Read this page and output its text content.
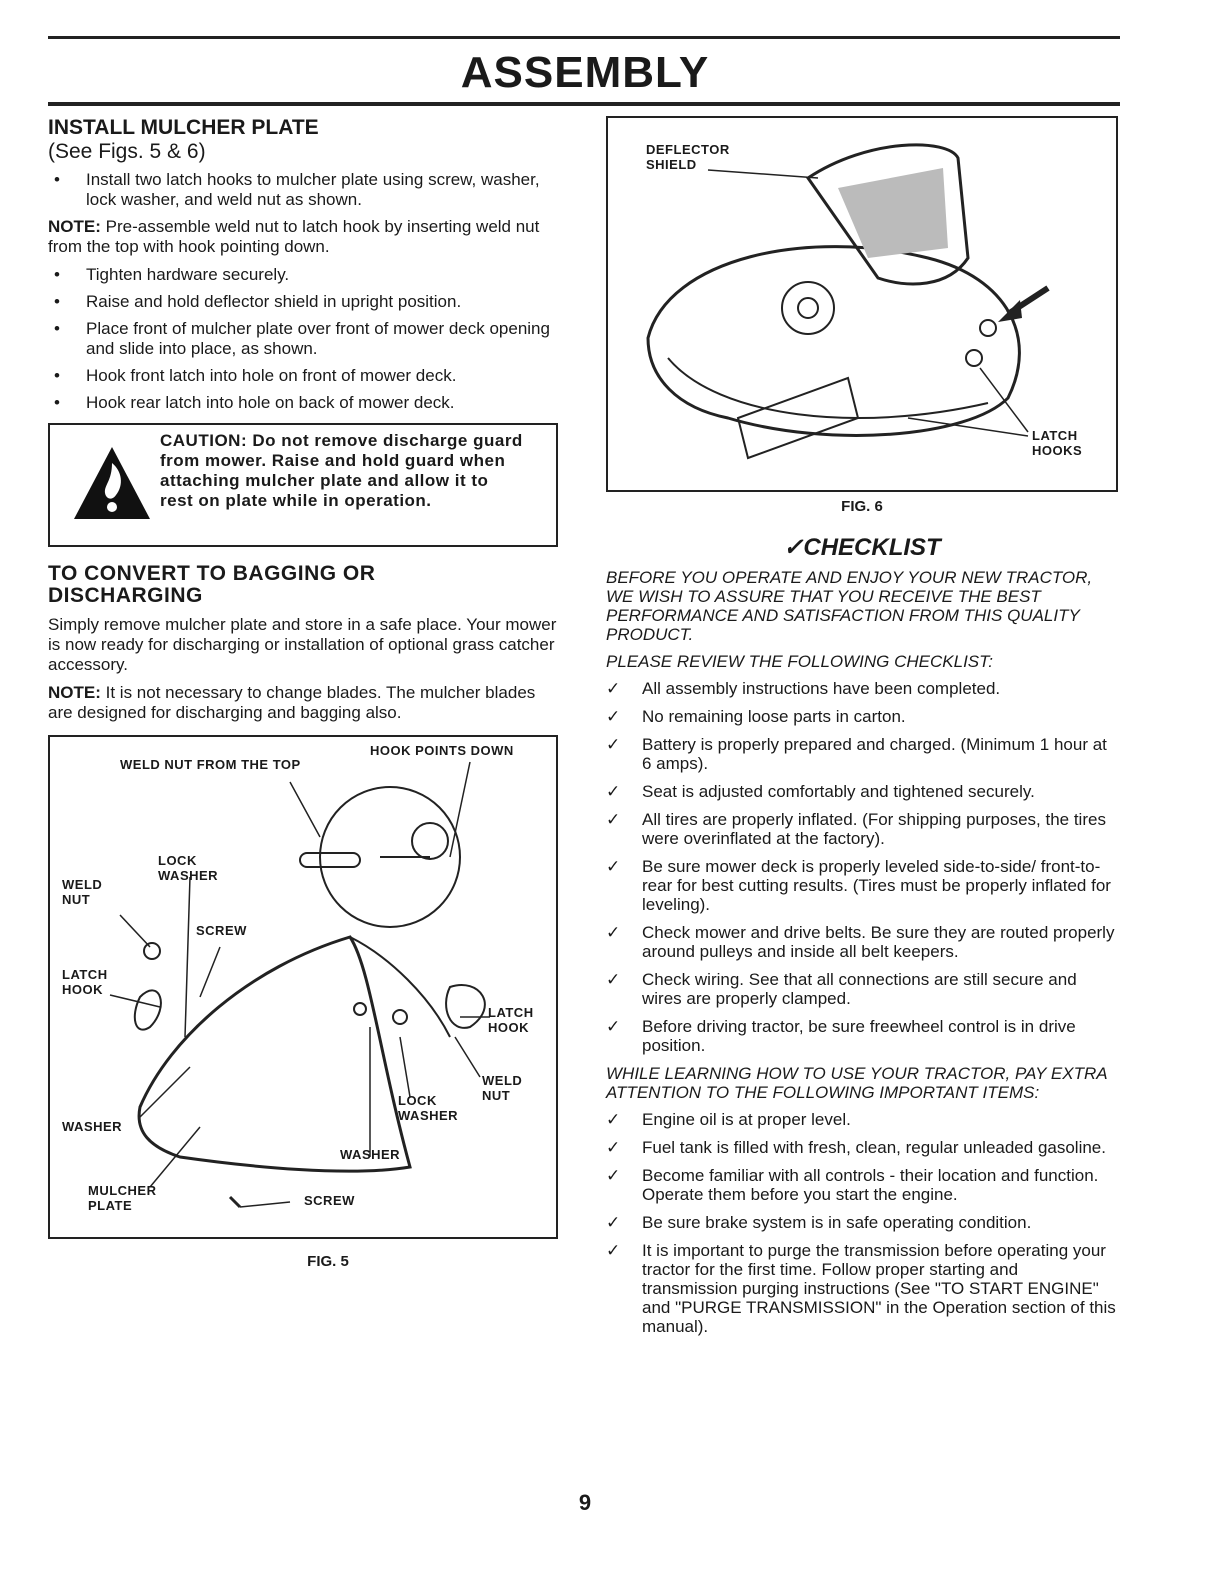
ASSEMBLY
INSTALL MULCHER PLATE
(See Figs. 5 & 6)
• Install two latch hooks to mulcher plate using screw, washer, lock washer, and weld nut as shown.

NOTE: Pre-assemble weld nut to latch hook by inserting weld nut from the top with hook pointing down.

• Tighten hardware securely.
• Raise and hold deflector shield in upright position.
• Place front of mulcher plate over front of mower deck opening and slide into place, as shown.
• Hook front latch into hole on front of mower deck.
• Hook rear latch into hole on back of mower deck.
CAUTION: Do not remove discharge guard from mower. Raise and hold guard when attaching mulcher plate and allow it to rest on plate while in operation.
TO CONVERT TO BAGGING OR DISCHARGING

Simply remove mulcher plate and store in a safe place. Your mower is now ready for discharging or installation of optional grass catcher accessory.

NOTE: It is not necessary to change blades. The mulcher blades are designed for discharging and bagging also.

HOOK POINTS DOWN
WELD NUT FROM THE TOP
LOCK
WASHER
WELD
NUT
SCREW
LATCH
HOOK
LATCH
HOOK
WELD
NUT
LOCK
WASHER
WASHER
WASHER
MULCHER
PLATE	SCREW
FIG. 5
DEFLECTOR
SHIELD
LATCH
HOOKS
FIG. 6
✓CHECKLIST

BEFORE YOU OPERATE AND ENJOY YOUR NEW TRACTOR, WE WISH TO ASSURE THAT YOU RECEIVE THE BEST PERFORMANCE AND SATISFACTION FROM THIS QUALITY PRODUCT.

PLEASE REVIEW THE FOLLOWING CHECKLIST:

✓ All assembly instructions have been completed.
✓ No remaining loose parts in carton.
✓ Battery is properly prepared and charged. (Minimum 1 hour at 6 amps).
✓ Seat is adjusted comfortably and tightened securely.
✓ All tires are properly inflated. (For shipping purposes, the tires were overinflated at the factory).
✓ Be sure mower deck is properly leveled side-to-side/ front-to-rear for best cutting results. (Tires must be properly inflated for leveling).
✓ Check mower and drive belts. Be sure they are routed properly around pulleys and inside all belt keepers.
✓ Check wiring. See that all connections are still secure and wires are properly clamped.
✓ Before driving tractor, be sure freewheel control is in drive position.

WHILE LEARNING HOW TO USE YOUR TRACTOR, PAY EXTRA ATTENTION TO THE FOLLOWING IMPORTANT ITEMS:

✓ Engine oil is at proper level.
✓ Fuel tank is filled with fresh, clean, regular unleaded gasoline.
✓ Become familiar with all controls - their location and function. Operate them before you start the engine.
✓ Be sure brake system is in safe operating condition.
✓ It is important to purge the transmission before operating your tractor for the first time. Follow proper starting and transmission purging instructions (See "TO START ENGINE" and "PURGE TRANSMISSION" in the Operation section of this manual).
9
